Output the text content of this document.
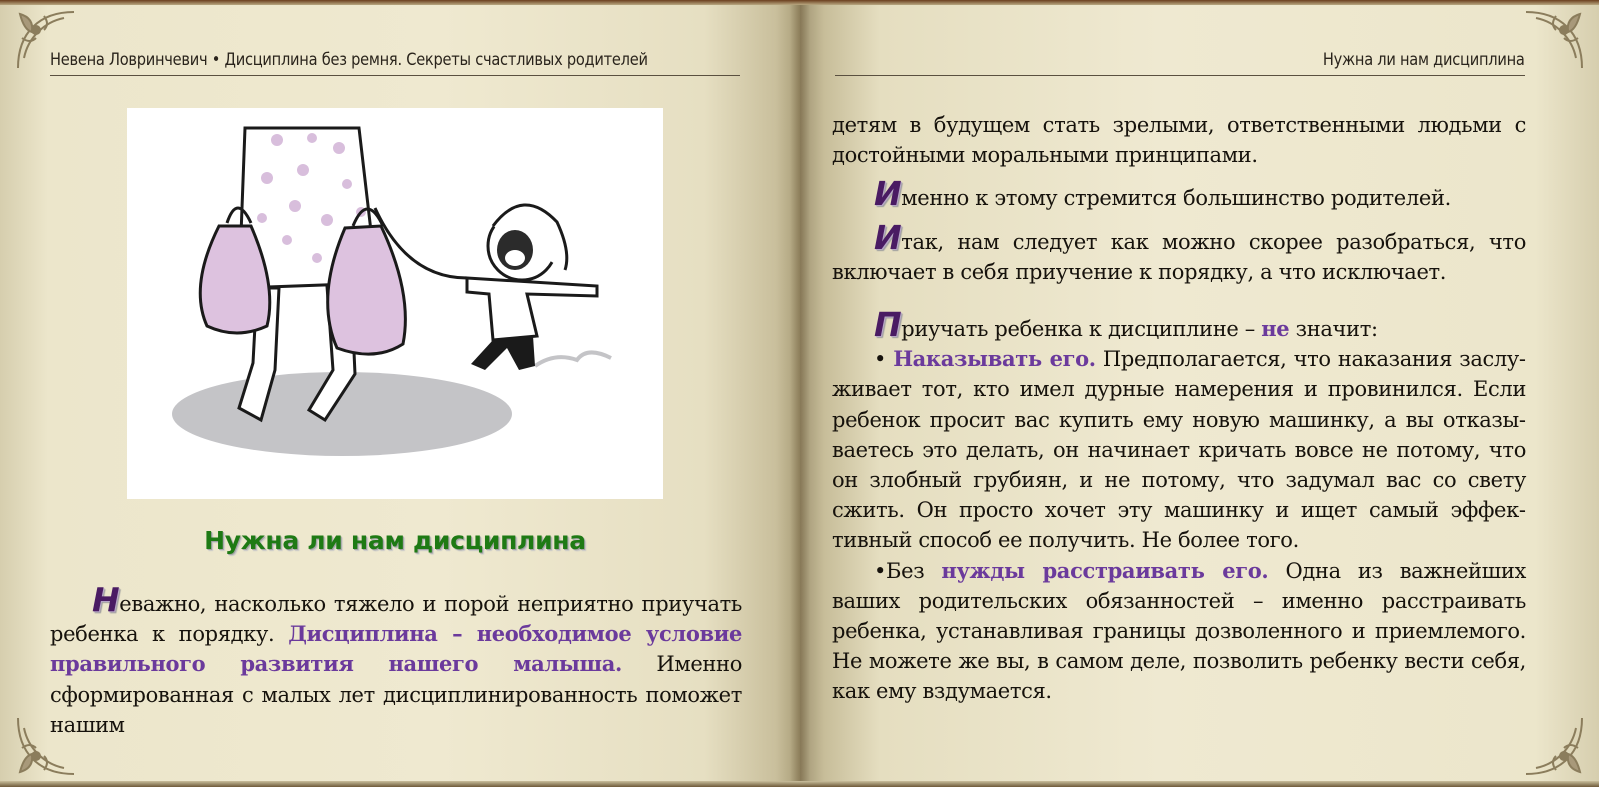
Невена Ловринчевич • Дисциплина без ремня. Секреты счастливых родителей	Нужна ли нам дисциплина
Нужна ли нам дисциплина

Неважно, насколько тяжело и порой неприятно приучать ребенка к порядку. Дисциплина – необходимое условие правильного развития нашего малыша. Именно сформированная с малых лет дисциплинированность поможет нашим

детям в будущем стать зрелыми, ответственными людьми с достойными моральными принципами.

Именно к этому стремится большинство родителей.

Итак, нам следует как можно скорее разобраться, что включает в себя приучение к порядку, а что исключает.

Приучать ребенка к дисциплине – не значит:

• Наказывать его. Предполагается, что наказания заслуживает тот, кто имел дурные намерения и провинился. Если ребенок просит вас купить ему новую машинку, а вы отказываетесь это делать, он начинает кричать вовсе не потому, что он злобный грубиян, и не потому, что задумал вас со свету сжить. Он просто хочет эту машинку и ищет самый эффективный способ ее получить. Не более того.

•Без нужды расстраивать его. Одна из важнейших ваших родительских обязанностей – именно расстраивать ребенка, устанавливая границы дозволенного и приемлемого. Не можете же вы, в самом деле, позволить ребенку вести себя, как ему вздумается.
